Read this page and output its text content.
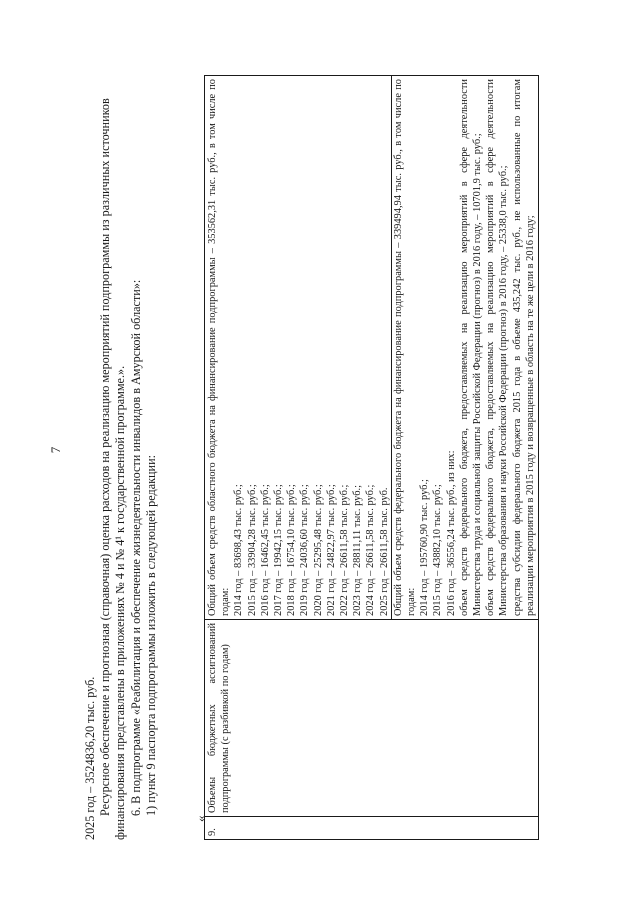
7

2025 год – 3524836,20 тыс. руб. Ресурсное обеспечение и прогнозная (справочная) оценка расходов на реализацию мероприятий подпрограммы из различных источников финансирования представлены в приложениях № 4 и № 4¹ к государственной программе.». 6. В подпрограмме «Реабилитация и обеспечение жизнедеятельности инвалидов в Амурской области»: 1) пункт 9 паспорта подпрограммы изложить в следующей редакции:

«
9.	Объемы бюджетных ассигнований подпрограммы (с разбивкой по годам)	

Общий объем средств областного бюджета на финансирование подпрограммы – 353562,31 тыс. руб., в том числе по годам: 2014 год – 83698,43 тыс. руб.; 2015 год – 33904,28 тыс. руб.; 2016 год – 16462,45 тыс. руб.; 2017 год – 19942,15 тыс. руб.; 2018 год – 16754,10 тыс. руб.; 2019 год – 24036,60 тыс. руб.; 2020 год – 25295,48 тыс. руб.; 2021 год – 24822,97 тыс. руб.; 2022 год – 26611,58 тыс. руб.; 2023 год – 28811,11 тыс. руб.; 2024 год – 26611,58 тыс. руб.; 2025 год – 26611,58 тыс. руб. Общий объем средств федерального бюджета на финансирование подпрограммы – 339494,94 тыс. руб., в том числе по годам: 2014 год – 195760,90 тыс. руб.; 2015 год – 43882,10 тыс. руб.; 2016 год – 36556,24 тыс. руб., из них: объем средств федерального бюджета, предоставляемых на реализацию мероприятий в сфере деятельности Министерства труда и социальной защиты Российской Федерации (прогноз) в 2016 году, – 10701,9 тыс. руб.; объем средств федерального бюджета, предоставляемых на реализацию мероприятий в сфере деятельности Министерства образования и науки Российской Федерации (прогноз) в 2016 году, – 25338,0 тыс. руб.; средства субсидии федерального бюджета 2015 года в объеме 435,242 тыс. руб., не использованные по итогам реализации мероприятия в 2015 году и возвращенные в область на те же цели в 2016 году;
